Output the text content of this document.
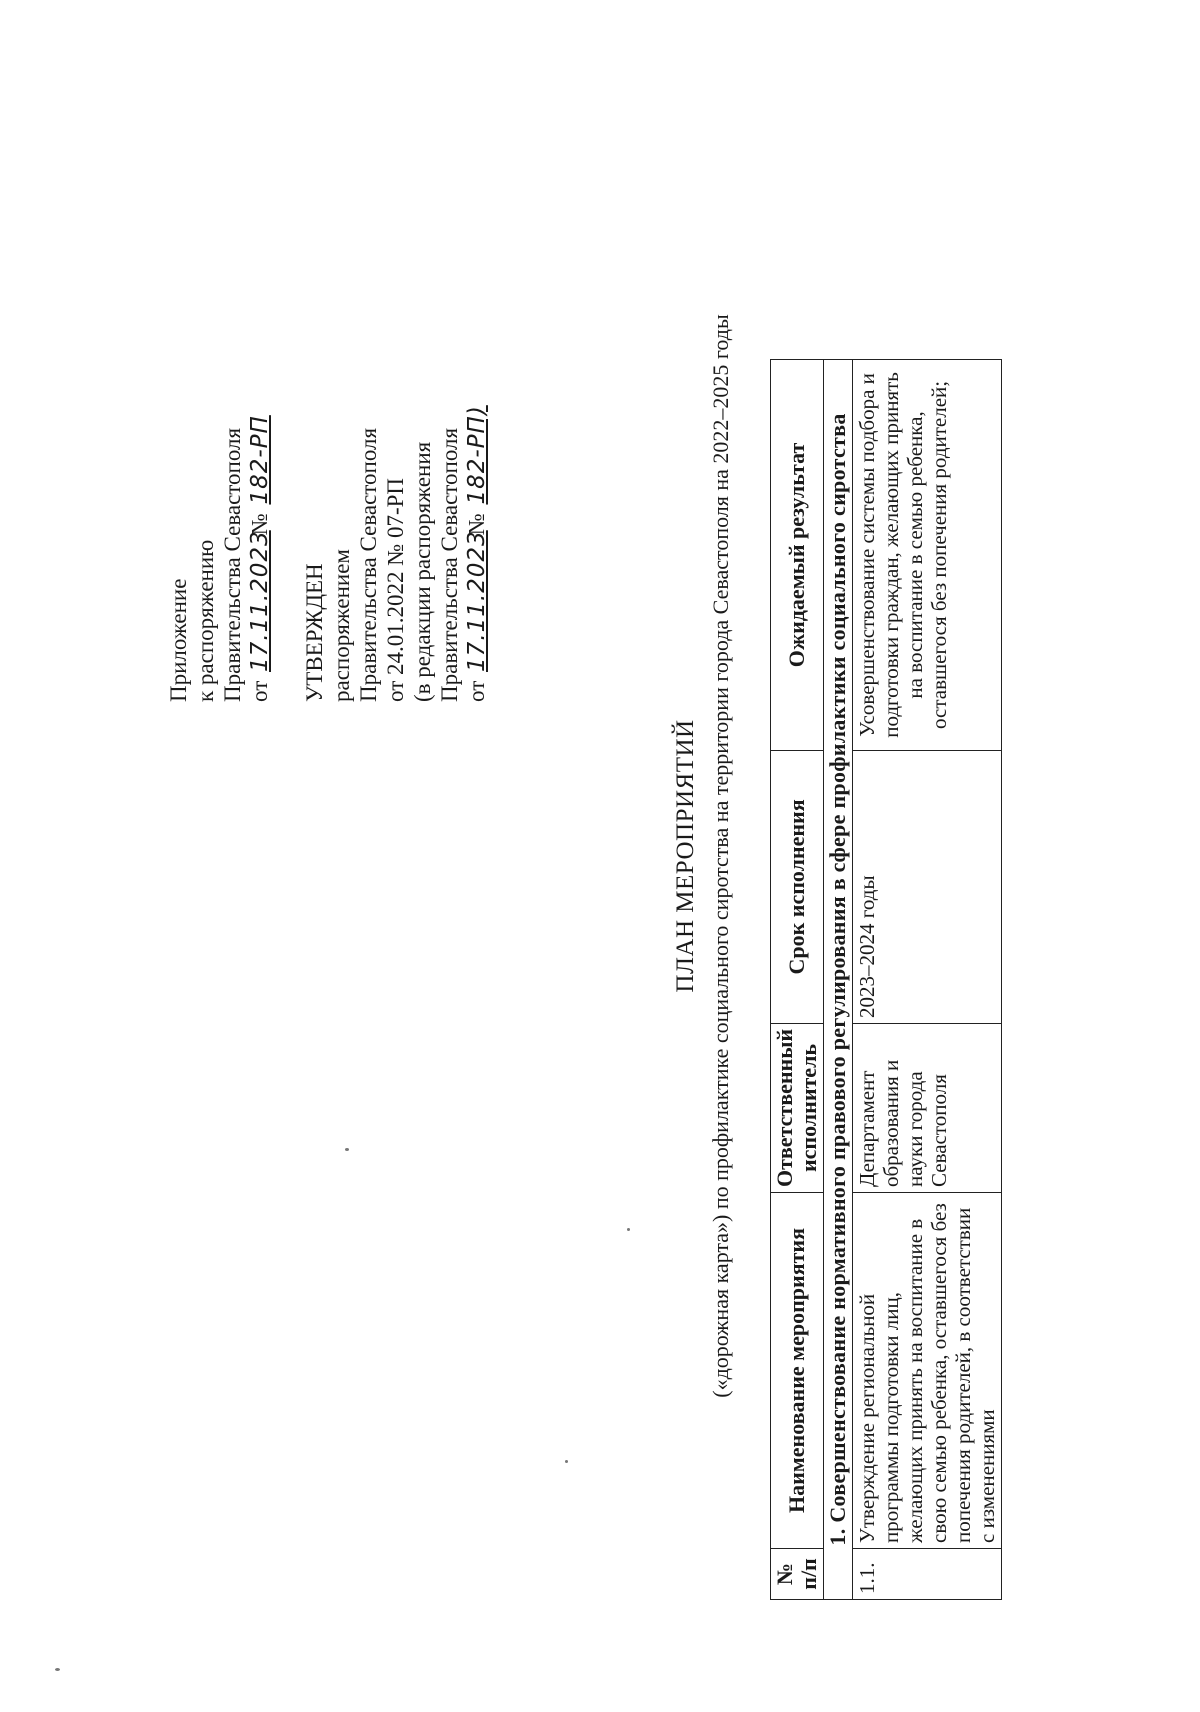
Приложение к распоряжению Правительства Севастополя от 17.11.2023 № 182-РП
УТВЕРЖДЕН распоряжением Правительства Севастополя от 24.01.2022 № 07-РП (в редакции распоряжения Правительства Севастополя от 17.11.2023 № 182-РП)
ПЛАН МЕРОПРИЯТИЙ («дорожная карта») по профилактике социального сиротства на территории города Севастополя на 2022–2025 годы
№ п/п	Наименование мероприятия	Ответственный исполнитель	Срок исполнения	Ожидаемый результат
1. Совершенствование нормативного правового регулирования в сфере профилактики социального сиротства				
1.1.	Утверждение региональной программы подготовки лиц, желающих принять на воспитание в свою семью ребенка, оставшегося без попечения родителей, в соответствии с изменениями	Департамент образования и науки города Севастополя	2023–2024 годы	Усовершенствование системы подбора и подготовки граждан, желающих принять на воспитание в семью ребенка, оставшегося без попечения родителей;
